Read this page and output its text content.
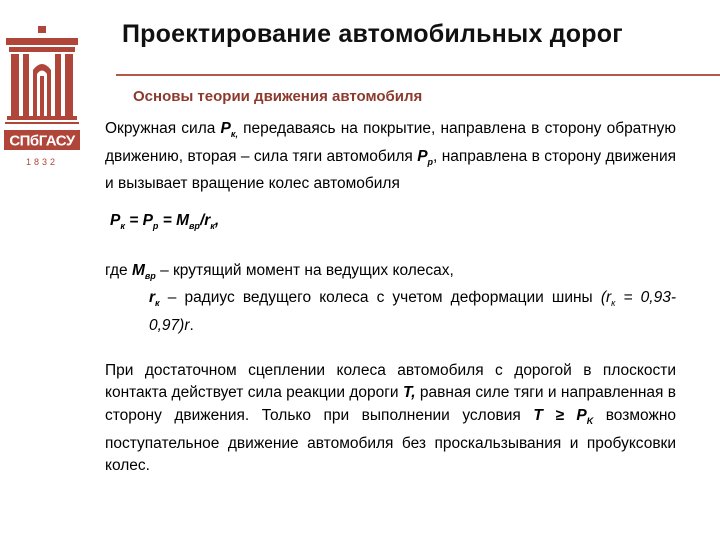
СПбГАСУ
1832
Проектирование автомобильных дорог
Основы теории движения автомобиля

Окружная сила $P_{к,}$ передаваясь на покрытие, направлена в сторону обратную движению, вторая – сила тяги автомобиля $P_р$, направлена в сторону движения и вызывает вращение колес автомобиля

$P_к = P_р = M_{вр}/r_к$,

где $M_{вр}$ – крутящий момент на ведущих колесах,

$r_к$ – радиус ведущего колеса с учетом деформации шины $(r_к = 0,93-0,97)r$.

При достаточном сцеплении колеса автомобиля с дорогой в плоскости контакта действует сила реакции дороги T, равная силе тяги и направленная в сторону движения. Только при выполнении условия $T \ge P_K$ возможно поступательное движение автомобиля без проскальзывания и пробуксовки колес.
